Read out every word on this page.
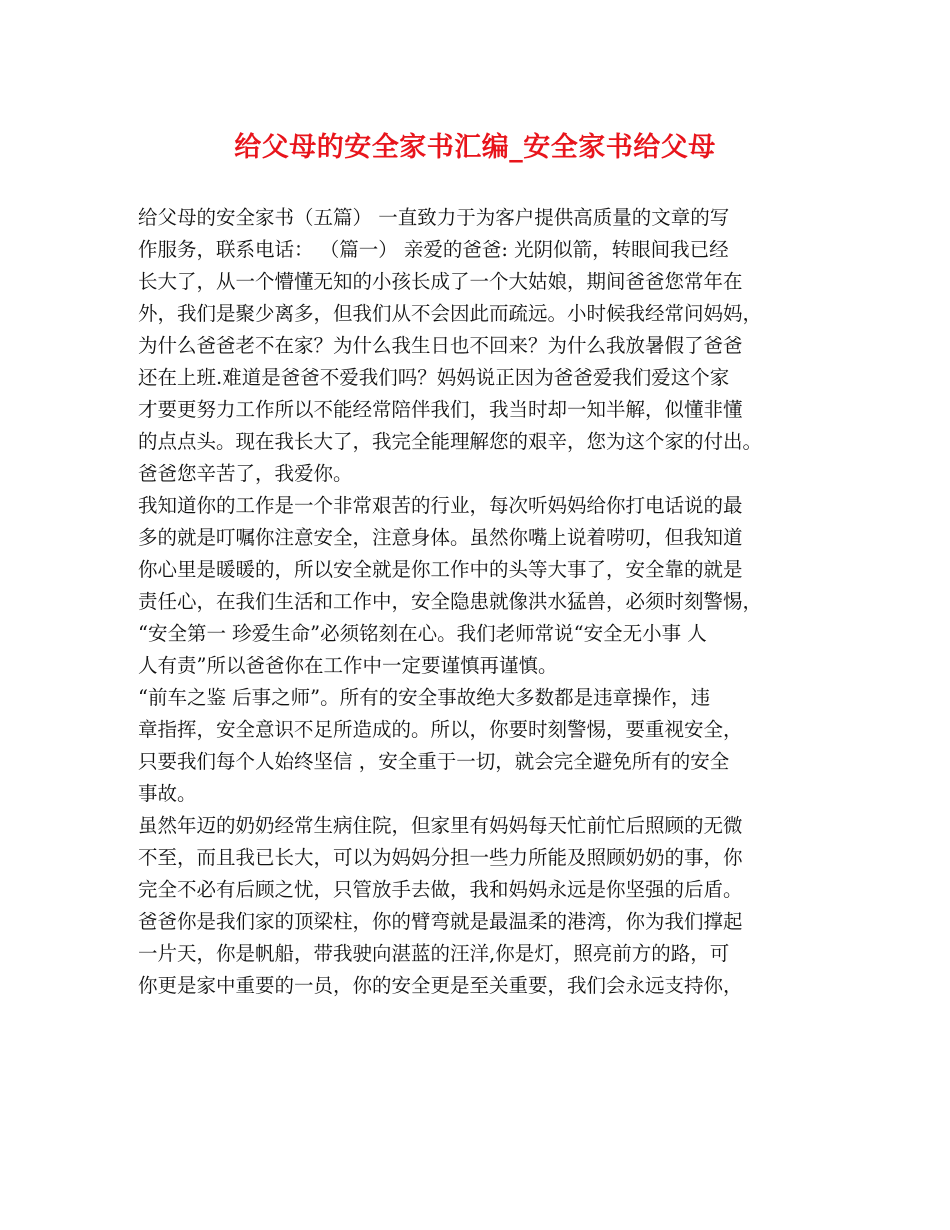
给父母的安全家书汇编_安全家书给父母

给父母的安全家书（五篇） 一直致力于为客户提供高质量的文章的写

作服务，联系电话： （篇一） 亲爱的爸爸: 光阴似箭，转眼间我已经

长大了，从一个懵懂无知的小孩长成了一个大姑娘，期间爸爸您常年在

外，我们是聚少离多，但我们从不会因此而疏远。小时候我经常问妈妈，

为什么爸爸老不在家？为什么我生日也不回来？为什么我放暑假了爸爸

还在上班.难道是爸爸不爱我们吗？妈妈说正因为爸爸爱我们爱这个家

才要更努力工作所以不能经常陪伴我们，我当时却一知半解，似懂非懂

的点点头。现在我长大了，我完全能理解您的艰辛，您为这个家的付出。

爸爸您辛苦了，我爱你。

我知道你的工作是一个非常艰苦的行业，每次听妈妈给你打电话说的最

多的就是叮嘱你注意安全，注意身体。虽然你嘴上说着唠叨，但我知道

你心里是暖暖的，所以安全就是你工作中的头等大事了，安全靠的就是

责任心，在我们生活和工作中，安全隐患就像洪水猛兽，必须时刻警惕，

“安全第一 珍爱生命”必须铭刻在心。我们老师常说“安全无小事 人

人有责”所以爸爸你在工作中一定要谨慎再谨慎。

“前车之鉴 后事之师”。所有的安全事故绝大多数都是违章操作，违

章指挥，安全意识不足所造成的。所以，你要时刻警惕，要重视安全，

只要我们每个人始终坚信 ，安全重于一切，就会完全避免所有的安全

事故。

虽然年迈的奶奶经常生病住院，但家里有妈妈每天忙前忙后照顾的无微

不至，而且我已长大，可以为妈妈分担一些力所能及照顾奶奶的事，你

完全不必有后顾之忧，只管放手去做，我和妈妈永远是你坚强的后盾。

爸爸你是我们家的顶梁柱，你的臂弯就是最温柔的港湾，你为我们撑起

一片天，你是帆船，带我驶向湛蓝的汪洋,你是灯，照亮前方的路，可

你更是家中重要的一员，你的安全更是至关重要，我们会永远支持你，
